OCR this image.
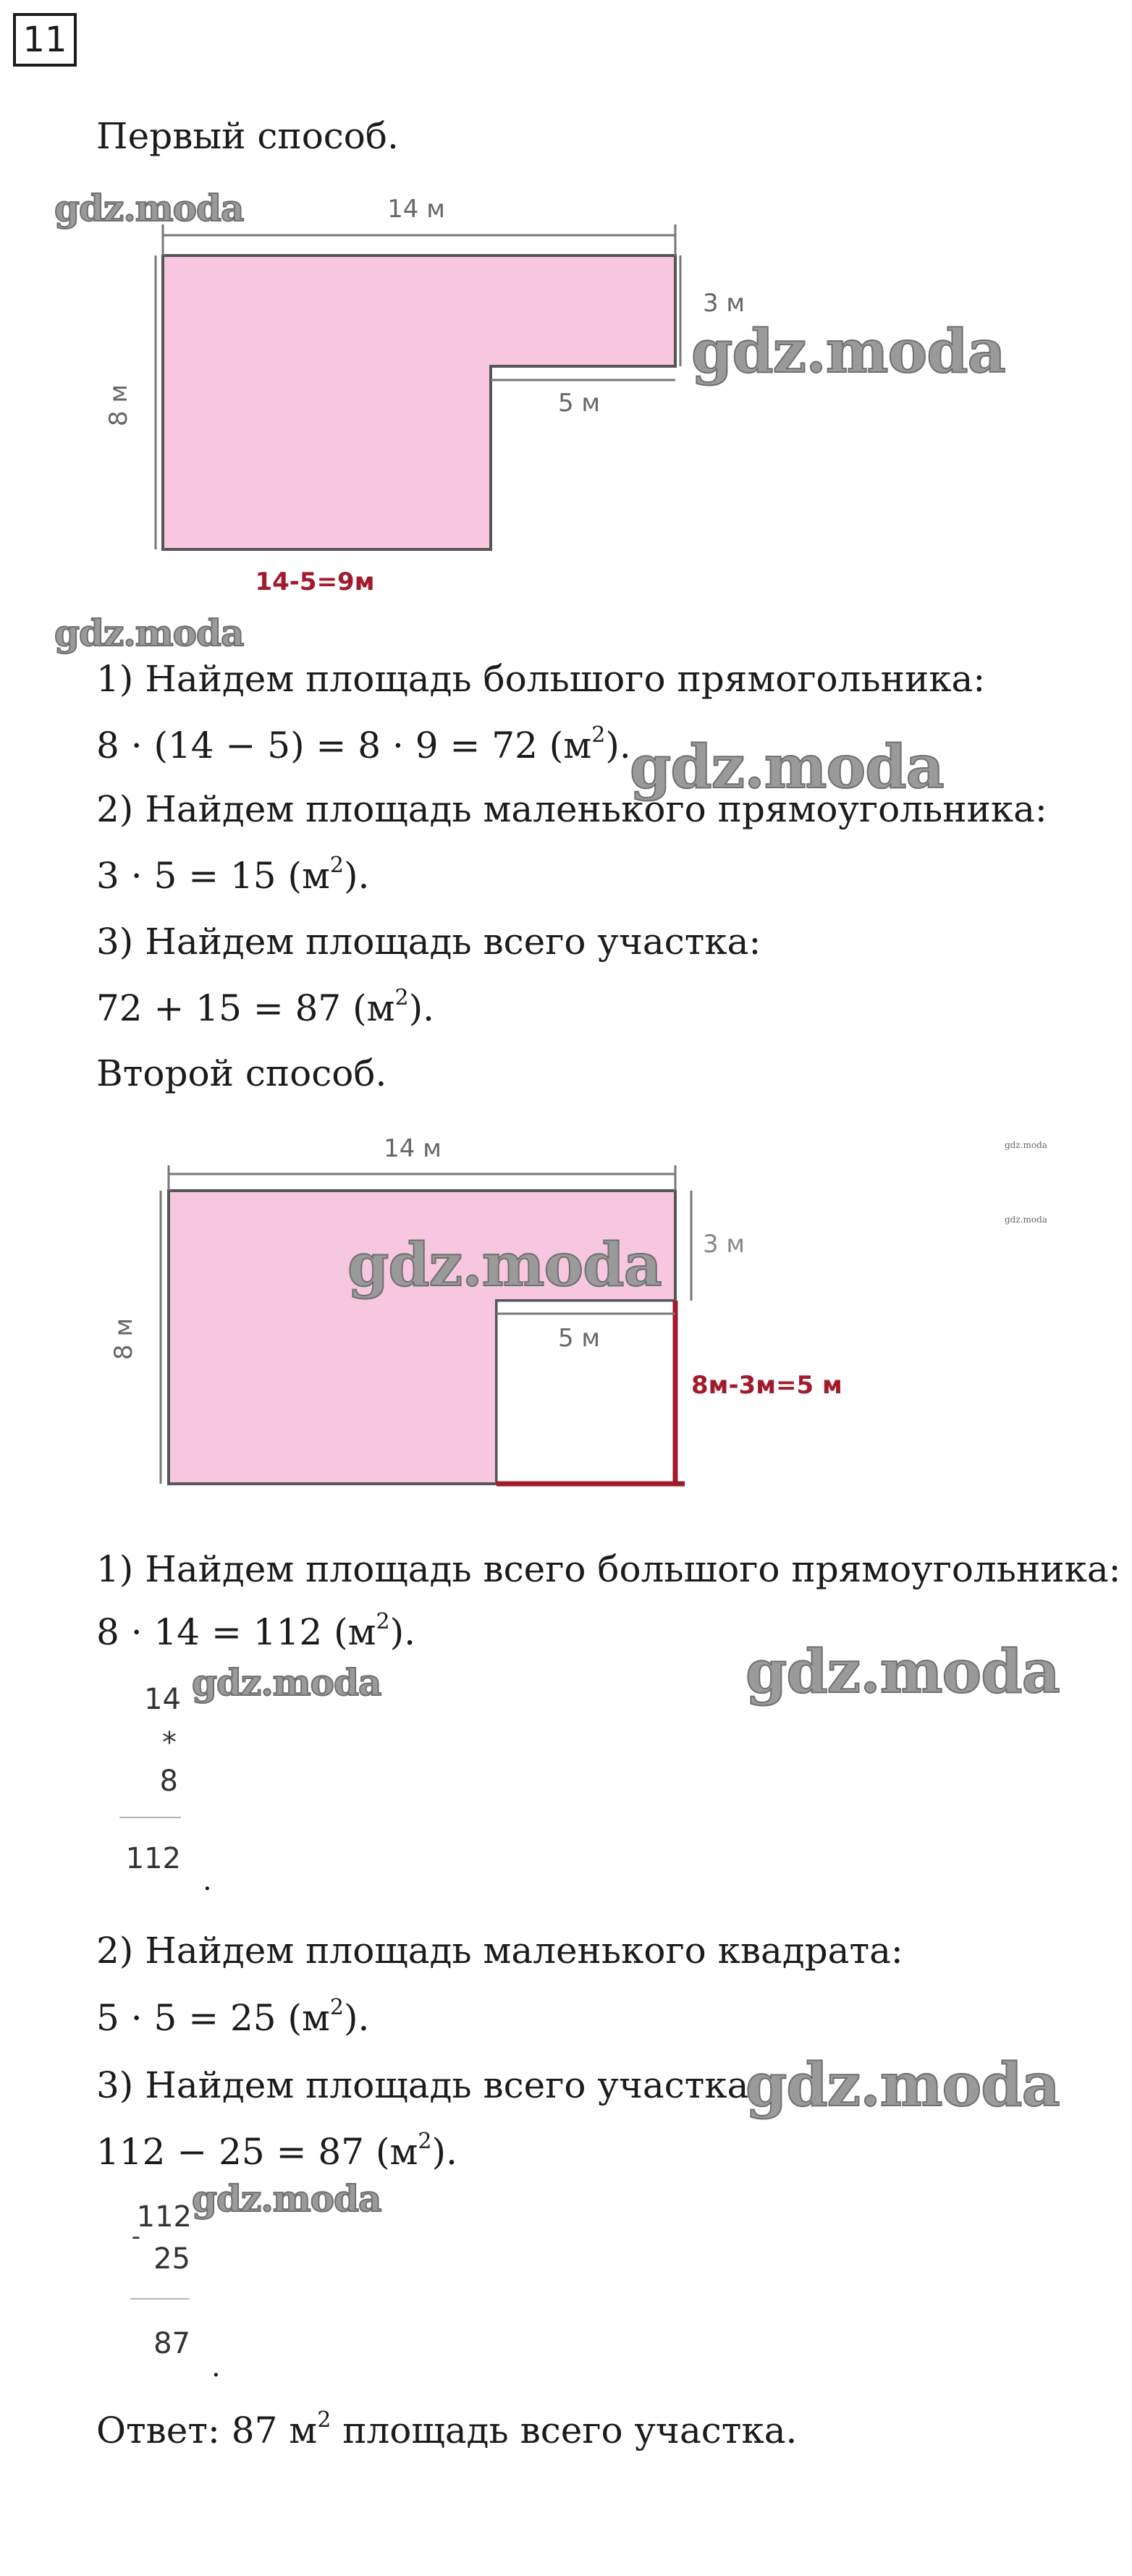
11
Первый способ.
14 м
8 м
3 м
5 м
14-5=9м
1) Найдем площадь большого прямогольника:
8 · (14 − 5) = 8 · 9 = 72 $(м^2)$.
2) Найдем площадь маленького прямоугольника:
3 · 5 = 15 $(м^2)$.
3) Найдем площадь всего участка:
72 + 15 = 87 $(м^2)$.
Второй способ.
14 м
8 м
3 м
5 м
8м-3м=5 м
1) Найдем площадь всего большого прямоугольника:
8 · 14 = 112 $(м^2)$.
14
*
8
112
.
2) Найдем площадь маленького квадрата:
5 · 5 = 25 $(м^2)$.
3) Найдем площадь всего участка:
112 − 25 = 87 $(м^2)$.
112
-
25
87
.
Ответ: 87 $м^2$ площадь всего участка.
gdz.moda
gdz.moda
gdz.moda
gdz.moda
gdz.moda
gdz.moda
gdz.moda
gdz.moda	gdz.moda
gdz.moda
gdz.moda
